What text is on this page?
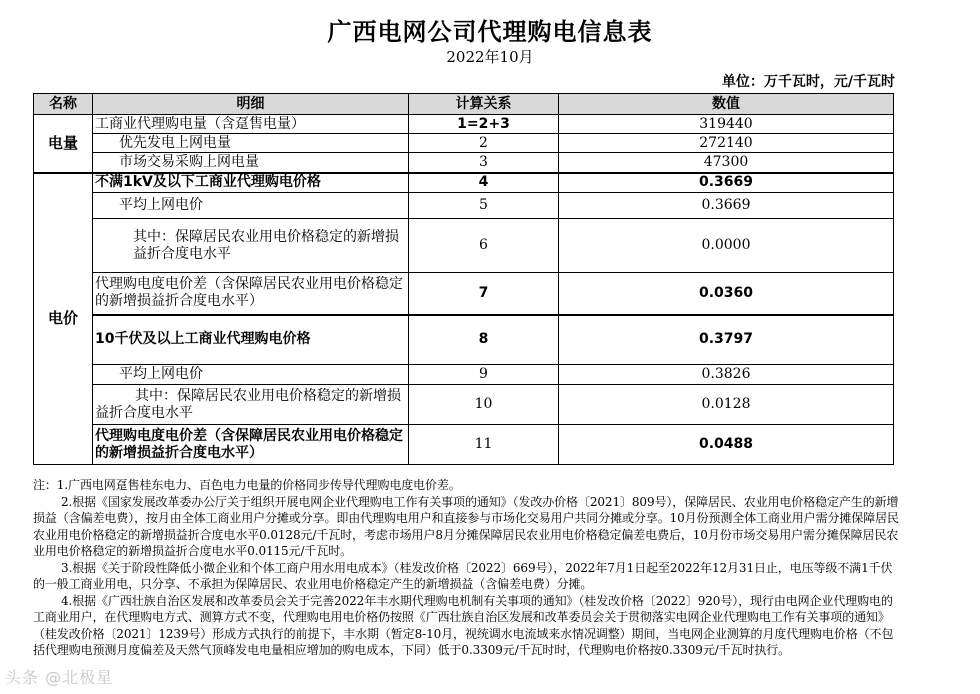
广西电网公司代理购电信息表
2022年10月
单位：万千瓦时，元/千瓦时
名称	明细	计算关系	数值
电量	工商业代理购电量（含趸售电量）	1=2+3	319440
	优先发电上网电量	2	272140
	市场交易采购上网电量	3	47300
电价	不满1kV及以下工商业代理购电价格	4	0.3669
	平均上网电价	5	0.3669
	其中：保障居民农业用电价格稳定的新增损益折合度电水平	6	0.0000
	代理购电度电价差（含保障居民农业用电价格稳定的新增损益折合度电水平）	7	0.0360
	10千伏及以上工商业代理购电价格	8	0.3797
	平均上网电价	9	0.3826
	其中：保障居民农业用电价格稳定的新增损益折合度电水平	10	0.0128
	代理购电度电价差（含保障居民农业用电价格稳定的新增损益折合度电水平）	11	0.0488

注：1.广西电网趸售桂东电力、百色电力电量的价格同步传导代理购电度电价差。

2.根据《国家发展改革委办公厅关于组织开展电网企业代理购电工作有关事项的通知》（发改办价格〔2021〕809号），保障居民、农业用电价格稳定产生的新增损益（含偏差电费），按月由全体工商业用户分摊或分享。即由代理购电用户和直接参与市场化交易用户共同分摊或分享。10月份预测全体工商业用户需分摊保障居民农业用电价格稳定的新增损益折合度电水平0.0128元/千瓦时，考虑市场用户8月分摊保障居民农业用电价格稳定偏差电费后，10月份市场交易用户需分摊保障居民农业用电价格稳定的新增损益折合度电水平0.0115元/千瓦时。

3.根据《关于阶段性降低小微企业和个体工商户用水用电成本》（桂发改价格〔2022〕669号），2022年7月1日起至2022年12月31日止，电压等级不满1千伏的一般工商业用电，只分享、不承担为保障居民、农业用电价格稳定产生的新增损益（含偏差电费）分摊。

4.根据《广西壮族自治区发展和改革委员会关于完善2022年丰水期代理购电机制有关事项的通知》（桂发改价格〔2022〕920号），现行由电网企业代理购电的工商业用户，在代理购电方式、测算方式不变，代理购电用电价格仍按照《广西壮族自治区发展和改革委员会关于贯彻落实电网企业代理购电工作有关事项的通知》（桂发改价格〔2021〕1239号）形成方式执行的前提下，丰水期（暂定8-10月，视统调水电流域来水情况调整）期间，当电网企业测算的月度代理购电价格（不包括代理购电预测月度偏差及天然气顶峰发电电量相应增加的购电成本，下同）低于0.3309元/千瓦时时，代理购电价格按0.3309元/千瓦时执行。

头条 @北极星
